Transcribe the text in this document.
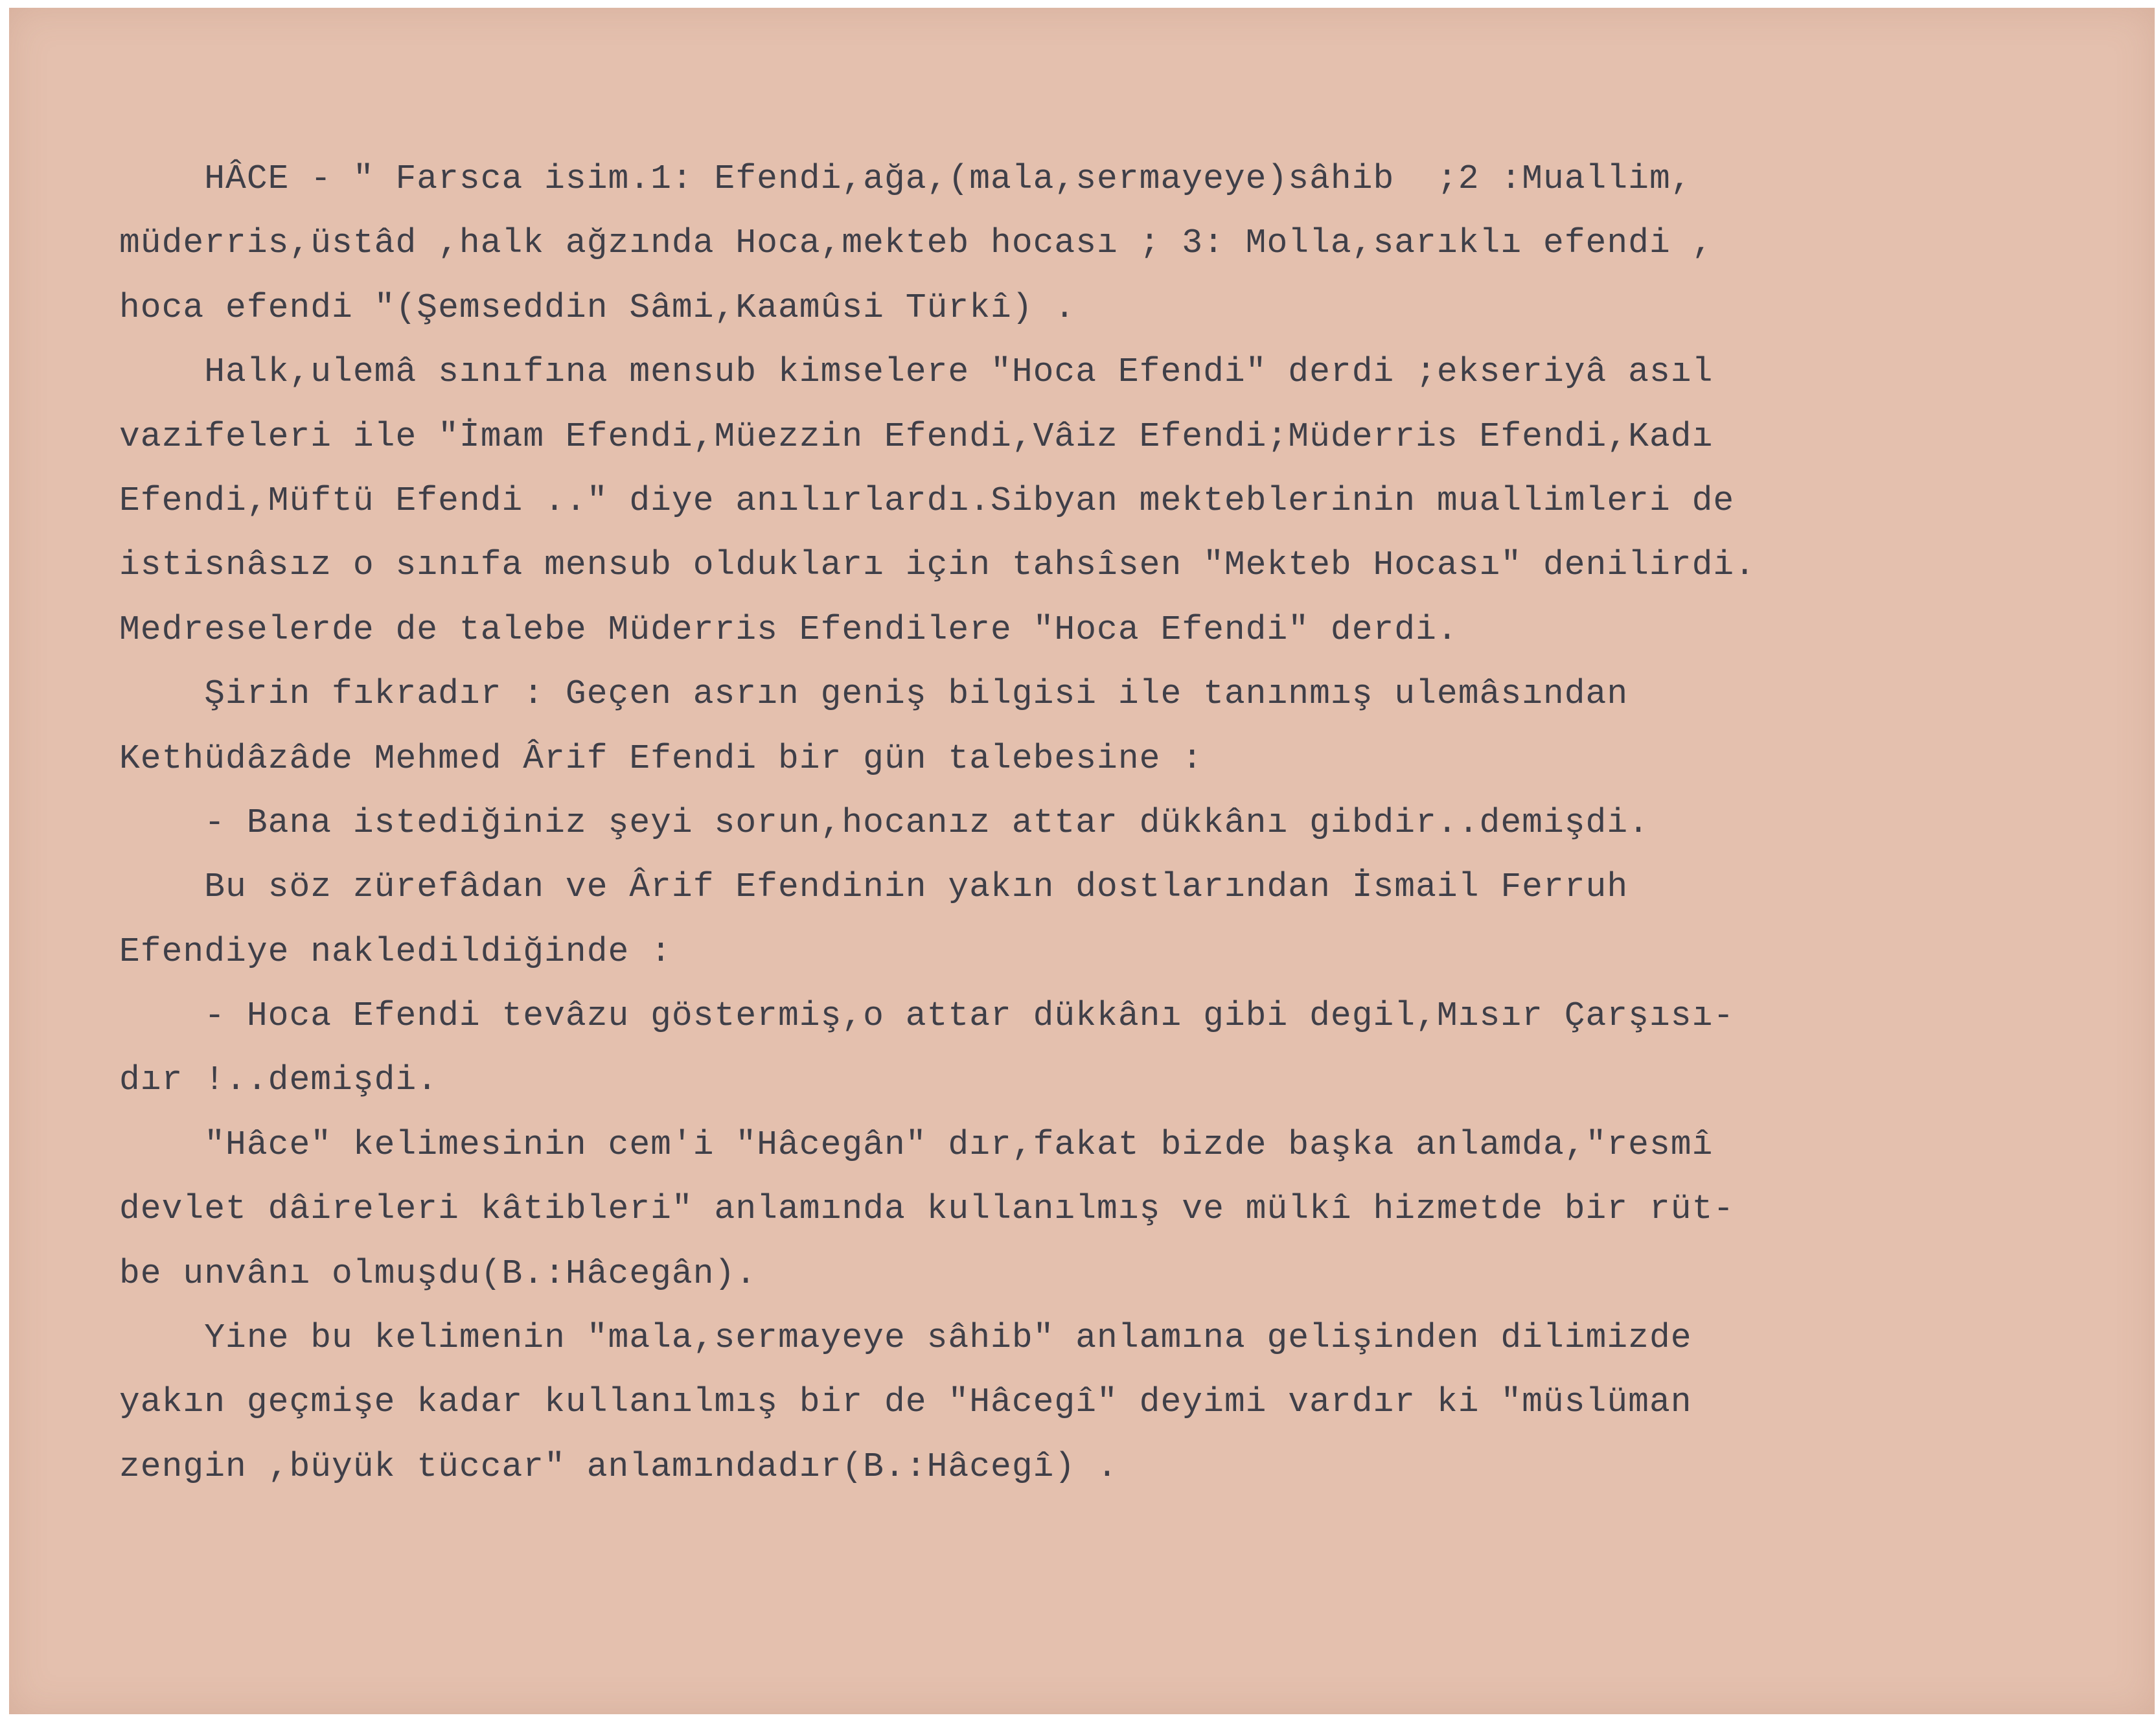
HÂCE - " Farsca isim.1: Efendi,ağa,(mala,sermayeye)sâhib  ;2 :Muallim,
müderris,üstâd ,halk ağzında Hoca,mekteb hocası ; 3: Molla,sarıklı efendi ,
hoca efendi "(Şemseddin Sâmi,Kaamûsi Türkî) .
Halk,ulemâ sınıfına mensub kimselere "Hoca Efendi" derdi ;ekseriyâ asıl
vazifeleri ile "İmam Efendi,Müezzin Efendi,Vâiz Efendi;Müderris Efendi,Kadı
Efendi,Müftü Efendi .." diye anılırlardı.Sibyan mekteblerinin muallimleri de
istisnâsız o sınıfa mensub oldukları için tahsîsen "Mekteb Hocası" denilirdi.
Medreselerde de talebe Müderris Efendilere "Hoca Efendi" derdi.
Şirin fıkradır : Geçen asrın geniş bilgisi ile tanınmış ulemâsından
Kethüdâzâde Mehmed Ârif Efendi bir gün talebesine :
- Bana istediğiniz şeyi sorun,hocanız attar dükkânı gibdir..demişdi.
Bu söz zürefâdan ve Ârif Efendinin yakın dostlarından İsmail Ferruh
Efendiye nakledildiğinde :
- Hoca Efendi tevâzu göstermiş,o attar dükkânı gibi degil,Mısır Çarşısı-
dır !..demişdi.
"Hâce" kelimesinin cem'i "Hâcegân" dır,fakat bizde başka anlamda,"resmî
devlet dâireleri kâtibleri" anlamında kullanılmış ve mülkî hizmetde bir rüt-
be unvânı olmuşdu(B.:Hâcegân).
Yine bu kelimenin "mala,sermayeye sâhib" anlamına gelişinden dilimizde
yakın geçmişe kadar kullanılmış bir de "Hâcegî" deyimi vardır ki "müslüman
zengin ,büyük tüccar" anlamındadır(B.:Hâcegî) .
